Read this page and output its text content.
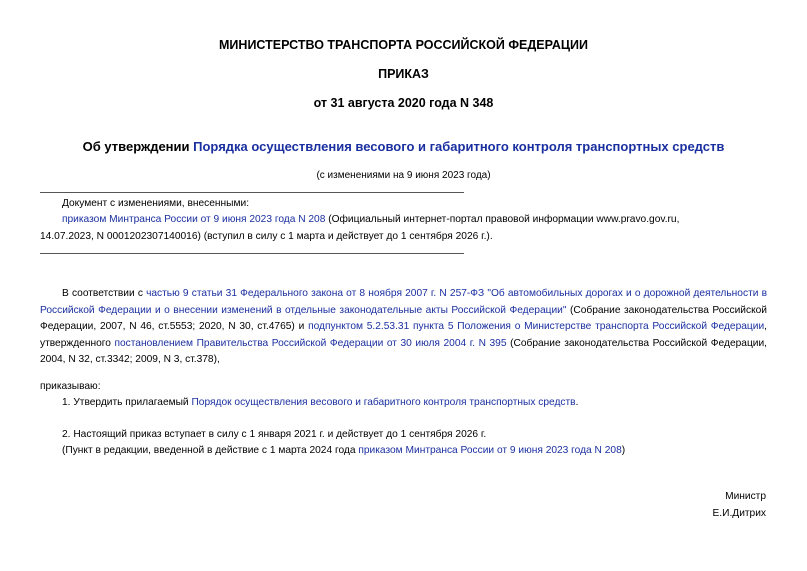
МИНИСТЕРСТВО ТРАНСПОРТА РОССИЙСКОЙ ФЕДЕРАЦИИ
ПРИКАЗ
от 31 августа 2020 года N 348
Об утверждении Порядка осуществления весового и габаритного контроля транспортных средств
(с изменениями на 9 июня 2023 года)
Документ с изменениями, внесенными:
приказом Минтранса России от 9 июня 2023 года N 208 (Официальный интернет-портал правовой информации www.pravo.gov.ru,
14.07.2023, N 0001202307140016) (вступил в силу с 1 марта и действует до 1 сентября 2026 г.).
В соответствии с частью 9 статьи 31 Федерального закона от 8 ноября 2007 г. N 257-ФЗ "Об автомобильных дорогах и о дорожной деятельности в Российской Федерации и о внесении изменений в отдельные законодательные акты Российской Федерации" (Собрание законодательства Российской Федерации, 2007, N 46, ст.5553; 2020, N 30, ст.4765) и подпунктом 5.2.53.31 пункта 5 Положения о Министерстве транспорта Российской Федерации, утвержденного постановлением Правительства Российской Федерации от 30 июля 2004 г. N 395 (Собрание законодательства Российской Федерации, 2004, N 32, ст.3342; 2009, N 3, ст.378),
приказываю:
1. Утвердить прилагаемый Порядок осуществления весового и габаритного контроля транспортных средств.
2. Настоящий приказ вступает в силу с 1 января 2021 г. и действует до 1 сентября 2026 г.
(Пункт в редакции, введенной в действие с 1 марта 2024 года приказом Минтранса России от 9 июня 2023 года N 208)
Министр
Е.И.Дитрих
